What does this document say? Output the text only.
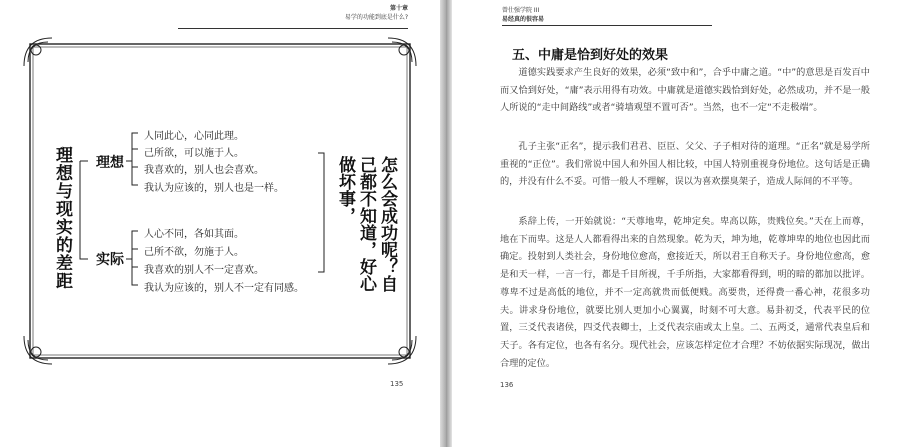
第十章
易学的功能到底是什么?
理想与现实的差距 理想
人同此心，心同此理。
己所欲，可以施于人。
我喜欢的，别人也会喜欢。
我认为应该的，别人也是一样。
实际
人心不同，各如其面。
己所不欲，勿施于人。
我喜欢的别人不一定喜欢。
我认为应该的，别人不一定有同感。	怎么会成功呢？自己都不知道，好心做坏事，
135
曾仕强学院 III
易经真的很容易
五、中庸是恰到好处的效果

道德实践要求产生良好的效果，必须“致中和”，合乎中庸之道。“中”的意思是百发百中而又恰到好处，“庸”表示用得有功效。中庸就是道德实践恰到好处，必然成功，并不是一般人所说的“走中间路线”或者“骑墙观望不置可否”。当然，也不一定“不走极端”。

孔子主张“正名”，提示我们君君、臣臣、父父、子子相对待的道理。“正名”就是易学所重视的“正位”。我们常说中国人和外国人相比较，中国人特别重视身份地位。这句话是正确的，并没有什么不妥。可惜一般人不理解，误以为喜欢摆臭架子，造成人际间的不平等。

系辞上传，一开始就说：“天尊地卑，乾坤定矣。卑高以陈，贵贱位矣。”天在上而尊，地在下而卑。这是人人都看得出来的自然现象。乾为天，坤为地，乾尊坤卑的地位也因此而确定。投射到人类社会，身份地位愈高，愈接近天，所以君王自称天子。身份地位愈高，愈是和天一样，一言一行，都是千目所视，千手所指，大家都看得到，明的暗的都加以批评。尊卑不过是高低的地位，并不一定高就贵而低便贱。高要贵，还得费一番心神，花很多功夫。讲求身份地位，就要比别人更加小心翼翼，时刻不可大意。易卦初爻，代表平民的位置，三爻代表诸侯，四爻代表卿士，上爻代表宗庙或太上皇。二、五两爻，通常代表皇后和天子。各有定位，也各有名分。现代社会，应该怎样定位才合理？不妨依据实际现况，做出合理的定位。

136
